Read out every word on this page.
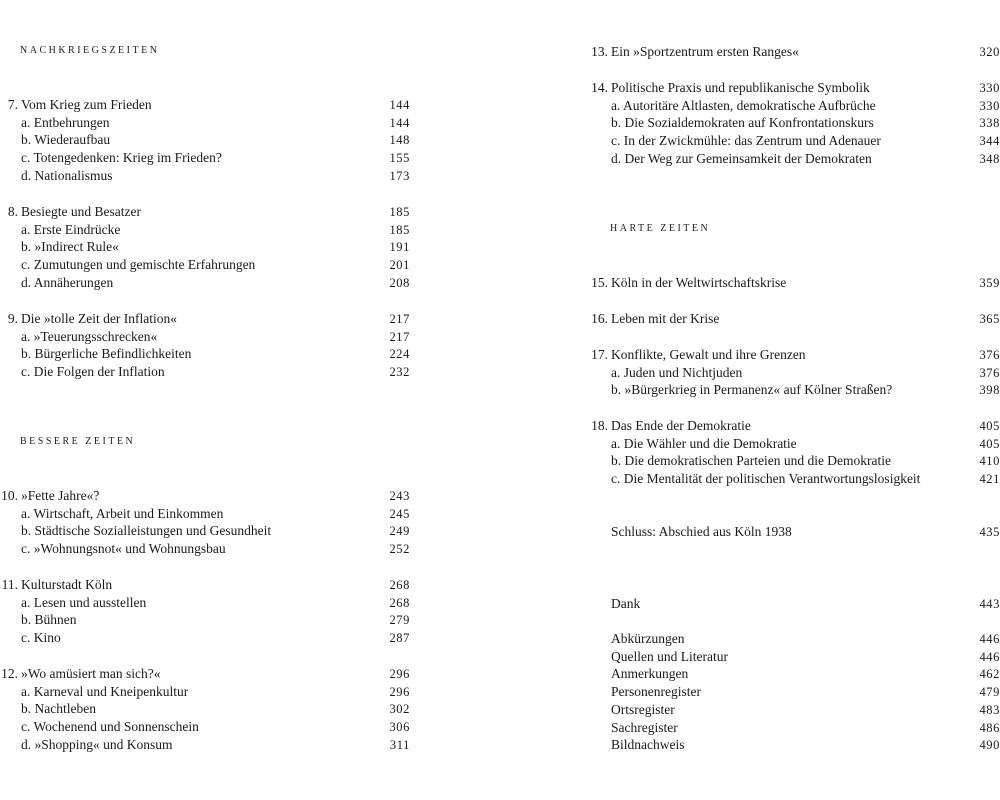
NACHKRIEGSZEITEN
BESSERE ZEITEN
7. Vom Krieg zum Frieden	144
a. Entbehrungen	144
b. Wiederaufbau	148
c. Totengedenken: Krieg im Frieden?	155
d. Nationalismus	173
8. Besiegte und Besatzer	185
a. Erste Eindrücke	185
b. »Indirect Rule«	191
c. Zumutungen und gemischte Erfahrungen	201
d. Annäherungen	208
9. Die »tolle Zeit der Inflation«	217
a. »Teuerungsschrecken«	217
b. Bürgerliche Befindlichkeiten	224
c. Die Folgen der Inflation	232
10. »Fette Jahre«?	243
a. Wirtschaft, Arbeit und Einkommen	245
b. Städtische Sozialleistungen und Gesundheit	249
c. »Wohnungsnot« und Wohnungsbau	252
11. Kulturstadt Köln	268
a. Lesen und ausstellen	268
b. Bühnen	279
c. Kino	287
12. »Wo amüsiert man sich?«	296
a. Karneval und Kneipenkultur	296
b. Nachtleben	302
c. Wochenend und Sonnenschein	306
d. »Shopping« und Konsum	311
HARTE ZEITEN
13. Ein »Sportzentrum ersten Ranges«	320
14. Politische Praxis und republikanische Symbolik	330
a. Autoritäre Altlasten, demokratische Aufbrüche	330
b. Die Sozialdemokraten auf Konfrontationskurs	338
c. In der Zwickmühle: das Zentrum und Adenauer	344
d. Der Weg zur Gemeinsamkeit der Demokraten	348
15. Köln in der Weltwirtschaftskrise	359
16. Leben mit der Krise	365
17. Konflikte, Gewalt und ihre Grenzen	376
a. Juden und Nichtjuden	376
b. »Bürgerkrieg in Permanenz« auf Kölner Straßen?	398
18. Das Ende der Demokratie	405
a. Die Wähler und die Demokratie	405
b. Die demokratischen Parteien und die Demokratie	410
c. Die Mentalität der politischen Verantwortungslosigkeit	421
Schluss: Abschied aus Köln 1938	435
Dank	443
Abkürzungen	446
Quellen und Literatur	446
Anmerkungen	462
Personenregister	479
Ortsregister	483
Sachregister	486
Bildnachweis	490
